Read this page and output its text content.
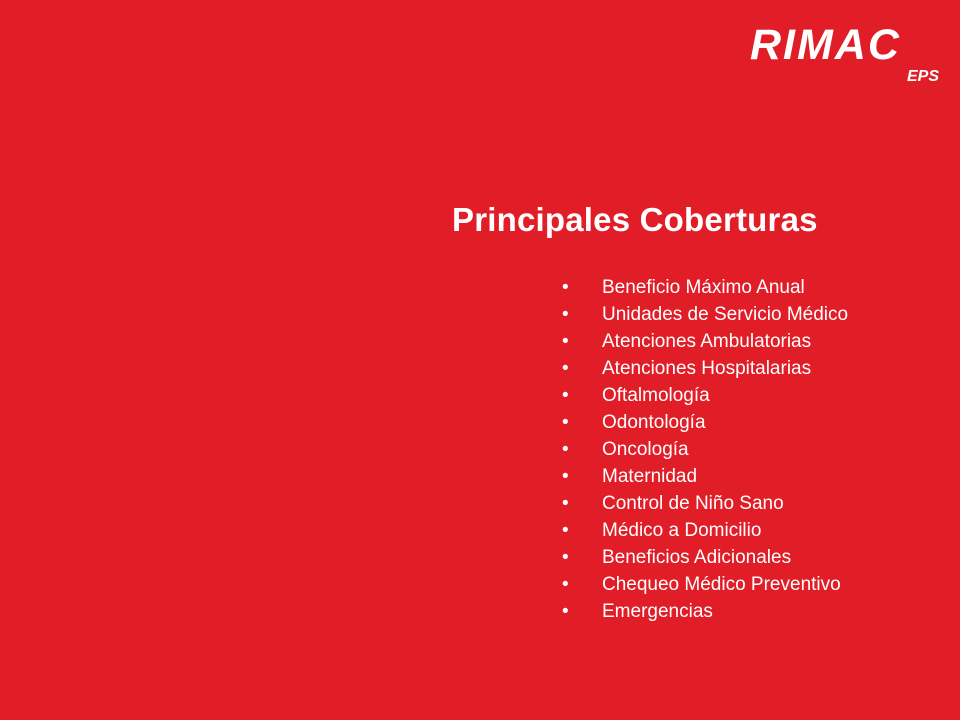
RIMAC
EPS
Principales Coberturas
• Beneficio Máximo Anual
• Unidades de Servicio Médico
• Atenciones Ambulatorias
• Atenciones Hospitalarias
• Oftalmología
• Odontología
• Oncología
• Maternidad
• Control de Niño Sano
• Médico a Domicilio
• Beneficios Adicionales
• Chequeo Médico Preventivo
• Emergencias
